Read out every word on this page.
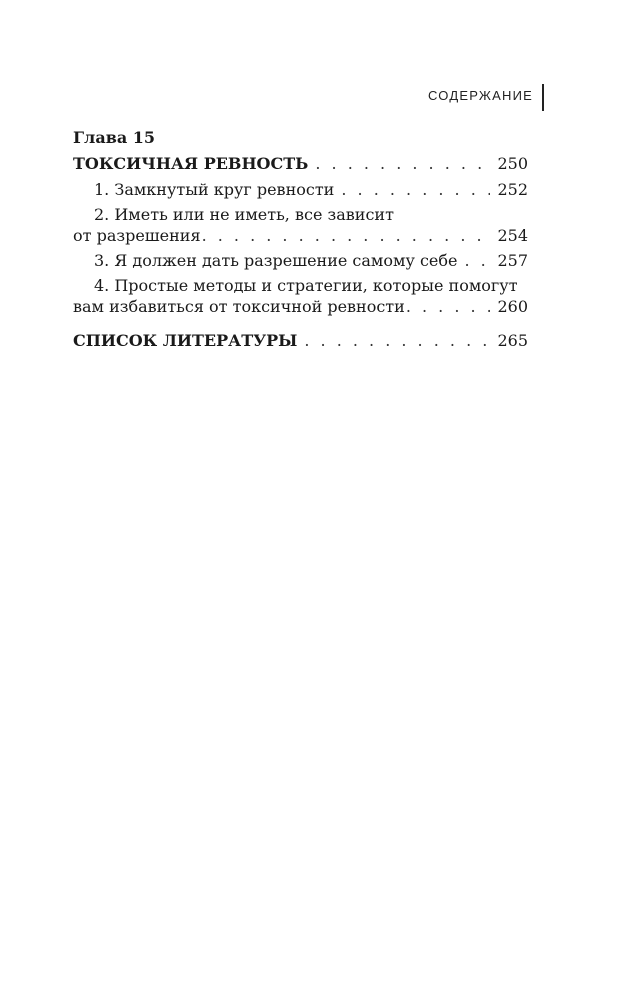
СОДЕРЖАНИЕ
Глава 15
ТОКСИЧНАЯ РЕВНОСТЬ . . .	250
1. Замкнутый круг ревности . . .	252
2. Иметь или не иметь, все зависит
от разрешения . . .	254
3. Я должен дать разрешение самому себе . . . 257
4. Простые методы и стратегии, которые помогут
вам избавиться от токсичной ревности . . .	260
СПИСОК ЛИТЕРАТУРЫ . . .	265
